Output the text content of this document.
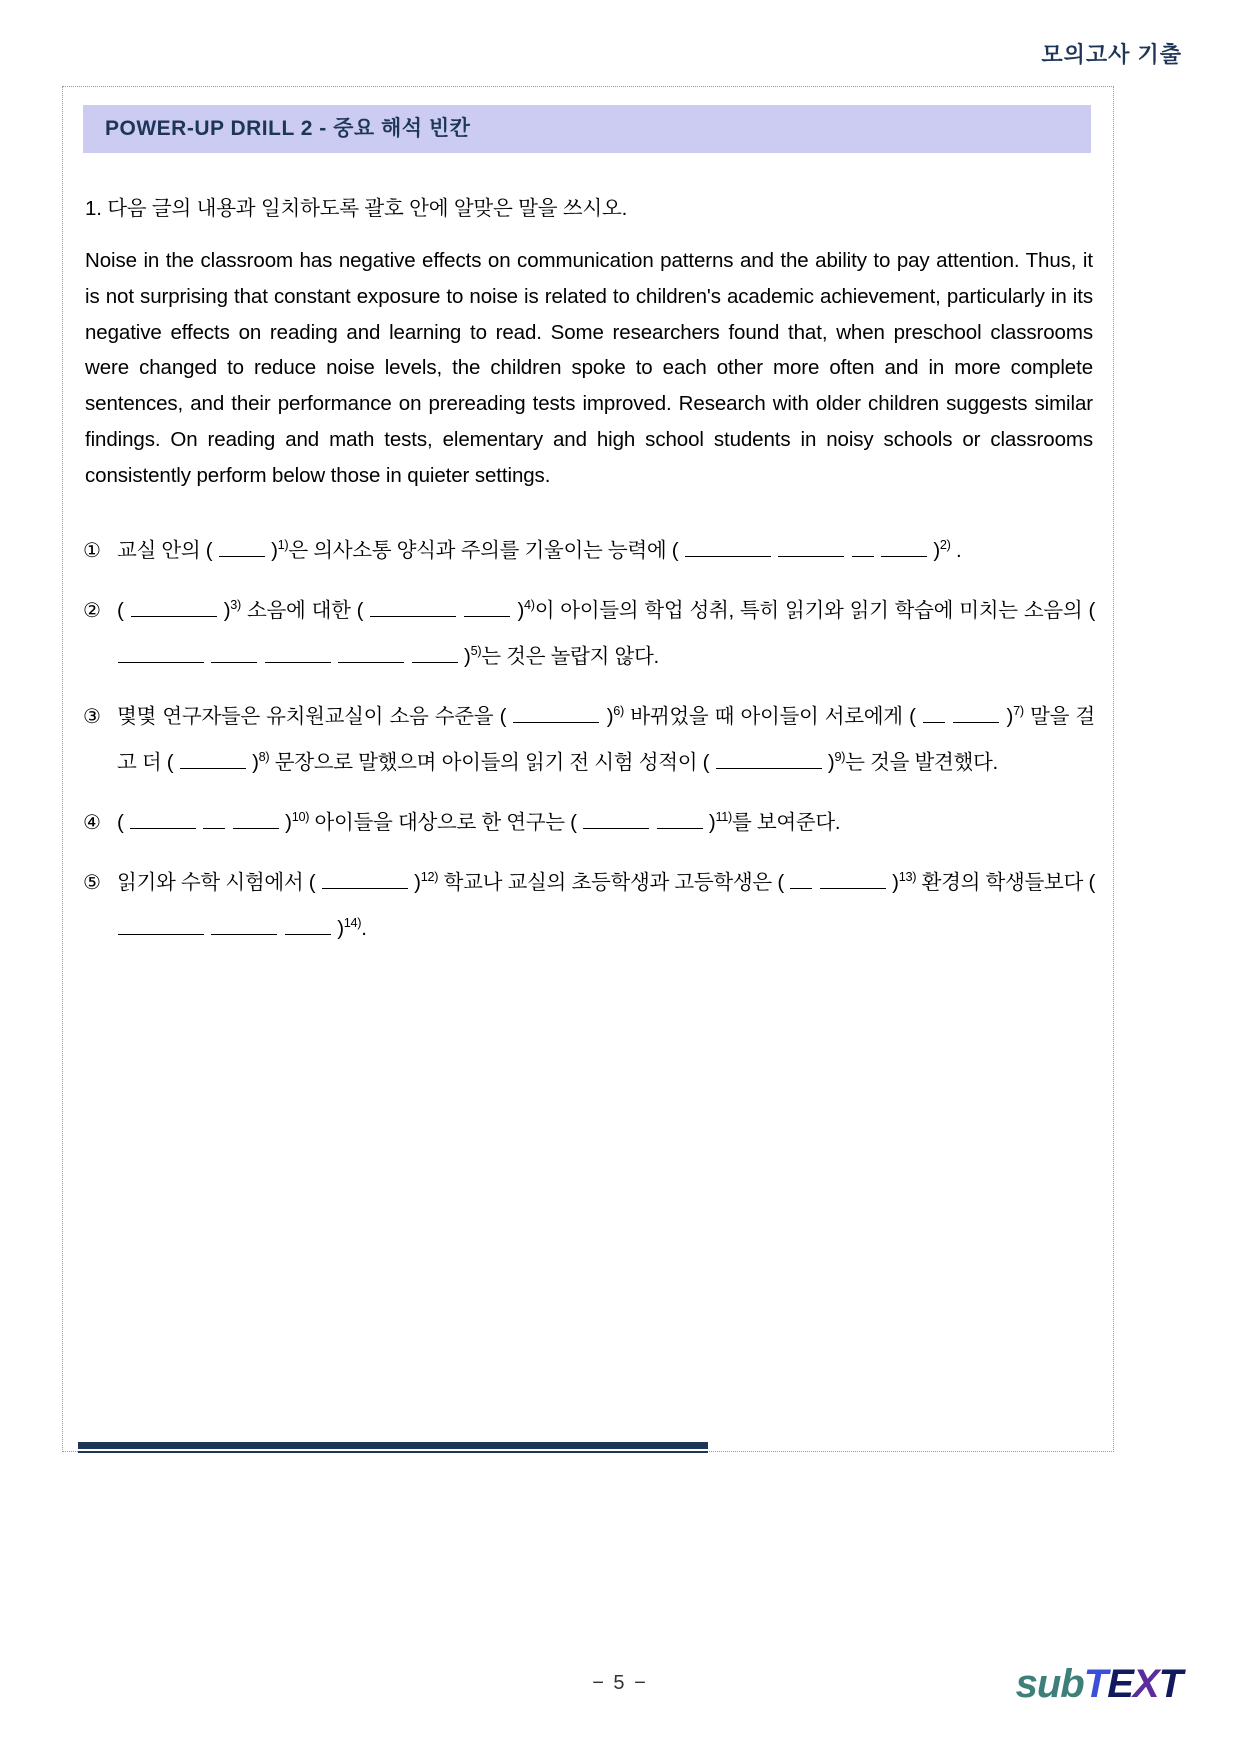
모의고사 기출
POWER-UP DRILL 2 - 중요 해석 빈칸
1. 다음 글의 내용과 일치하도록 괄호 안에 알맞은 말을 쓰시오.
Noise in the classroom has negative effects on communication patterns and the ability to pay attention. Thus, it is not surprising that constant exposure to noise is related to children's academic achievement, particularly in its negative effects on reading and learning to read. Some researchers found that, when preschool classrooms were changed to reduce noise levels, the children spoke to each other more often and in more complete sentences, and their performance on prereading tests improved. Research with older children suggests similar findings. On reading and math tests, elementary and high school students in noisy schools or classrooms consistently perform below those in quieter settings.
① 교실 안의 (  )$^{1)}$은 의사소통 양식과 주의를 기울이는 능력에 (	)$^{2)}$ .
② (	)$^{3)}$ 소음에 대한 (	)$^{4)}$이 아이들의 학업 성취, 특히 읽기와 읽기 학습에 미치는 소음의 (      )$^{5)}$는 것은 놀랍지 않다.
③ 몇몇 연구자들은 유치원교실이 소음 수준을 (	)$^{6)}$ 바뀌었을 때 아이들이 서로에게 (	)$^{7)}$ 말을 걸고 더 (	)$^{8)}$ 문장으로 말했으며 아이들의 읽기 전 시험 성적이 (	)$^{9)}$는 것을 발견했다.
④ (	)$^{10)}$ 아이들을 대상으로 한 연구는 (	)$^{11)}$를 보여준다.
⑤ 읽기와 수학 시험에서 (	)$^{12)}$ 학교나 교실의 초등학생과 고등학생은 (	)$^{13)}$ 환경의 학생들보다 (    )$^{14)}$.
− 5 −	subTEXT
